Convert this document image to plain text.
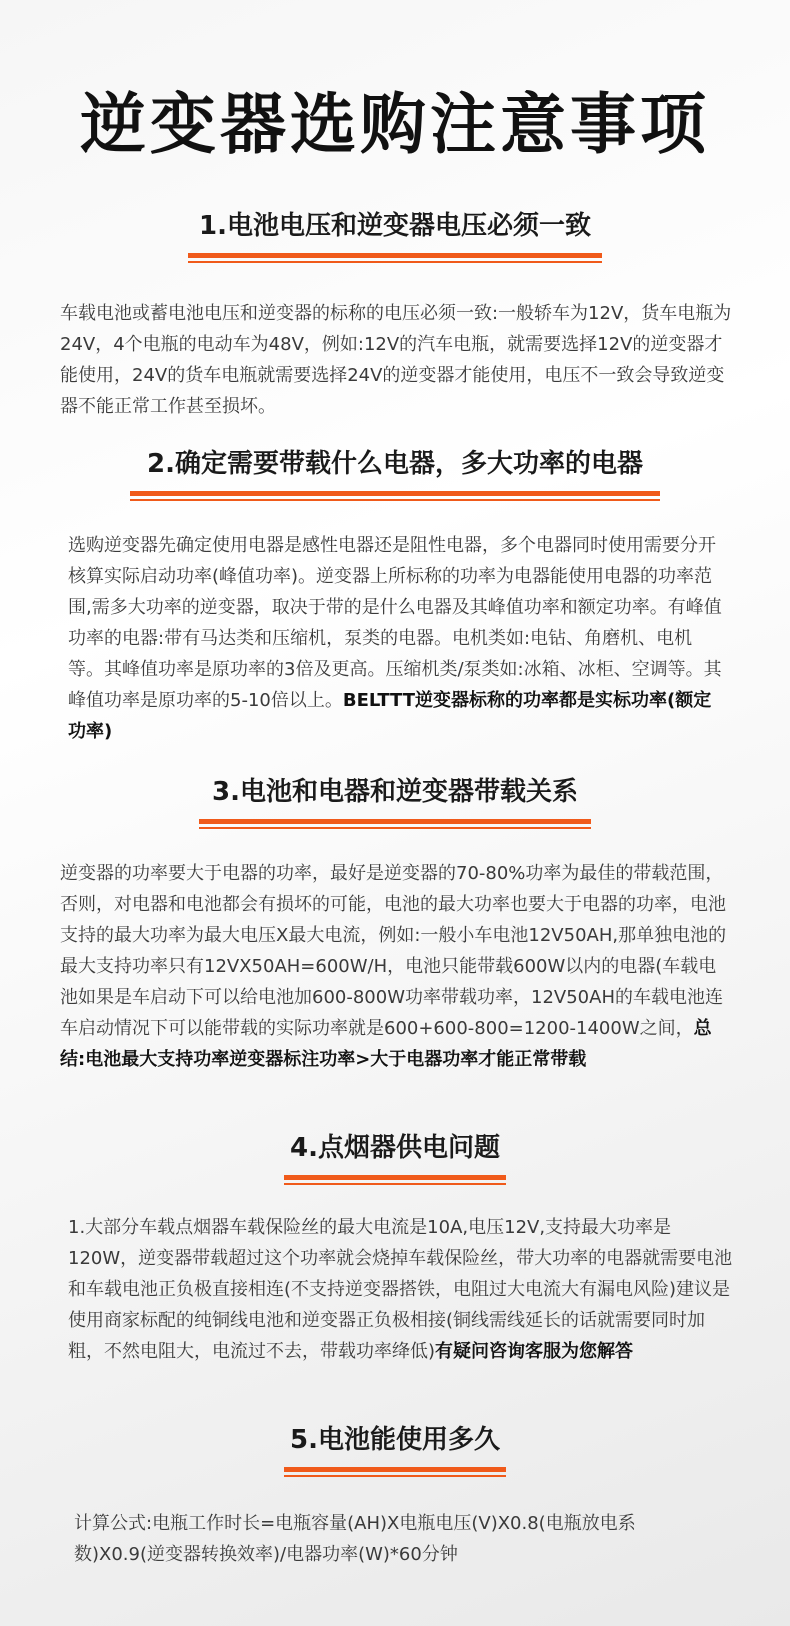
逆变器选购注意事项
1.电池电压和逆变器电压必须一致
车载电池或蓄电池电压和逆变器的标称的电压必须一致:一般轿车为12V，货车电瓶为24V，4个电瓶的电动车为48V，例如:12V的汽车电瓶，就需要选择12V的逆变器才能使用，24V的货车电瓶就需要选择24V的逆变器才能使用，电压不一致会导致逆变器不能正常工作甚至损坏。
2.确定需要带载什么电器，多大功率的电器
选购逆变器先确定使用电器是感性电器还是阻性电器，多个电器同时使用需要分开核算实际启动功率(峰值功率)。逆变器上所标称的功率为电器能使用电器的功率范围,需多大功率的逆变器，取决于带的是什么电器及其峰值功率和额定功率。有峰值功率的电器:带有马达类和压缩机，泵类的电器。电机类如:电钻、角磨机、电机等。其峰值功率是原功率的3倍及更高。压缩机类/泵类如:冰箱、冰柜、空调等。其峰值功率是原功率的5-10倍以上。BELTTT逆变器标称的功率都是实标功率(额定功率)
3.电池和电器和逆变器带载关系
逆变器的功率要大于电器的功率，最好是逆变器的70-80%功率为最佳的带载范围，否则，对电器和电池都会有损坏的可能，电池的最大功率也要大于电器的功率，电池支持的最大功率为最大电压X最大电流，例如:一般小车电池12V50AH,那单独电池的最大支持功率只有12VX50AH=600W/H，电池只能带载600W以内的电器(车载电池如果是车启动下可以给电池加600-800W功率带载功率，12V50AH的车载电池连车启动情况下可以能带载的实际功率就是600+600-800=1200-1400W之间，总结:电池最大支持功率逆变器标注功率>大于电器功率才能正常带载
4.点烟器供电问题
1.大部分车载点烟器车载保险丝的最大电流是10A,电压12V,支持最大功率是120W，逆变器带载超过这个功率就会烧掉车载保险丝，带大功率的电器就需要电池和车载电池正负极直接相连(不支持逆变器搭铁，电阻过大电流大有漏电风险)建议是使用商家标配的纯铜线电池和逆变器正负极相接(铜线需线延长的话就需要同时加粗，不然电阻大，电流过不去，带载功率绛低)有疑问咨询客服为您解答
5.电池能使用多久
计算公式:电瓶工作时长=电瓶容量(AH)X电瓶电压(V)X0.8(电瓶放电系数)X0.9(逆变器转换效率)/电器功率(W)*60分钟
